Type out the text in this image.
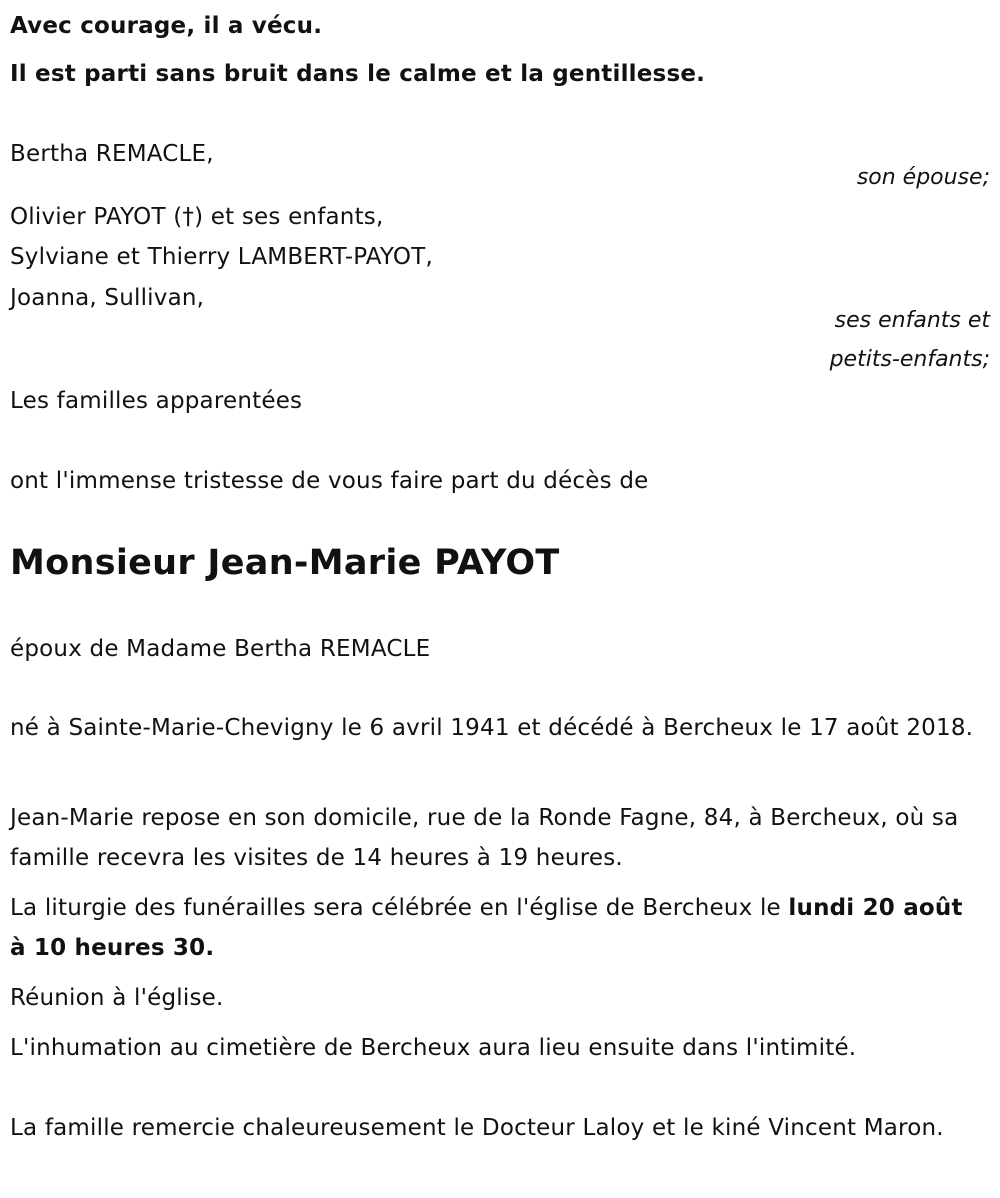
Avec courage, il a vécu.
Il est parti sans bruit dans le calme et la gentillesse.
Bertha REMACLE,
son épouse;
Olivier PAYOT (†) et ses enfants,
Sylviane et Thierry LAMBERT-PAYOT,
Joanna, Sullivan,
ses enfants et
petits-enfants;
Les familles apparentées
ont l'immense tristesse de vous faire part du décès de
Monsieur Jean-Marie PAYOT
époux de Madame Bertha REMACLE
né à Sainte-Marie-Chevigny le 6 avril 1941 et décédé à Bercheux le 17 août 2018.
Jean-Marie repose en son domicile, rue de la Ronde Fagne, 84, à Bercheux, où sa famille recevra les visites de 14 heures à 19 heures.
La liturgie des funérailles sera célébrée en l'église de Bercheux le lundi 20 août à 10 heures 30.
Réunion à l'église.
L'inhumation au cimetière de Bercheux aura lieu ensuite dans l'intimité.
La famille remercie chaleureusement le Docteur Laloy et le kiné Vincent Maron.
